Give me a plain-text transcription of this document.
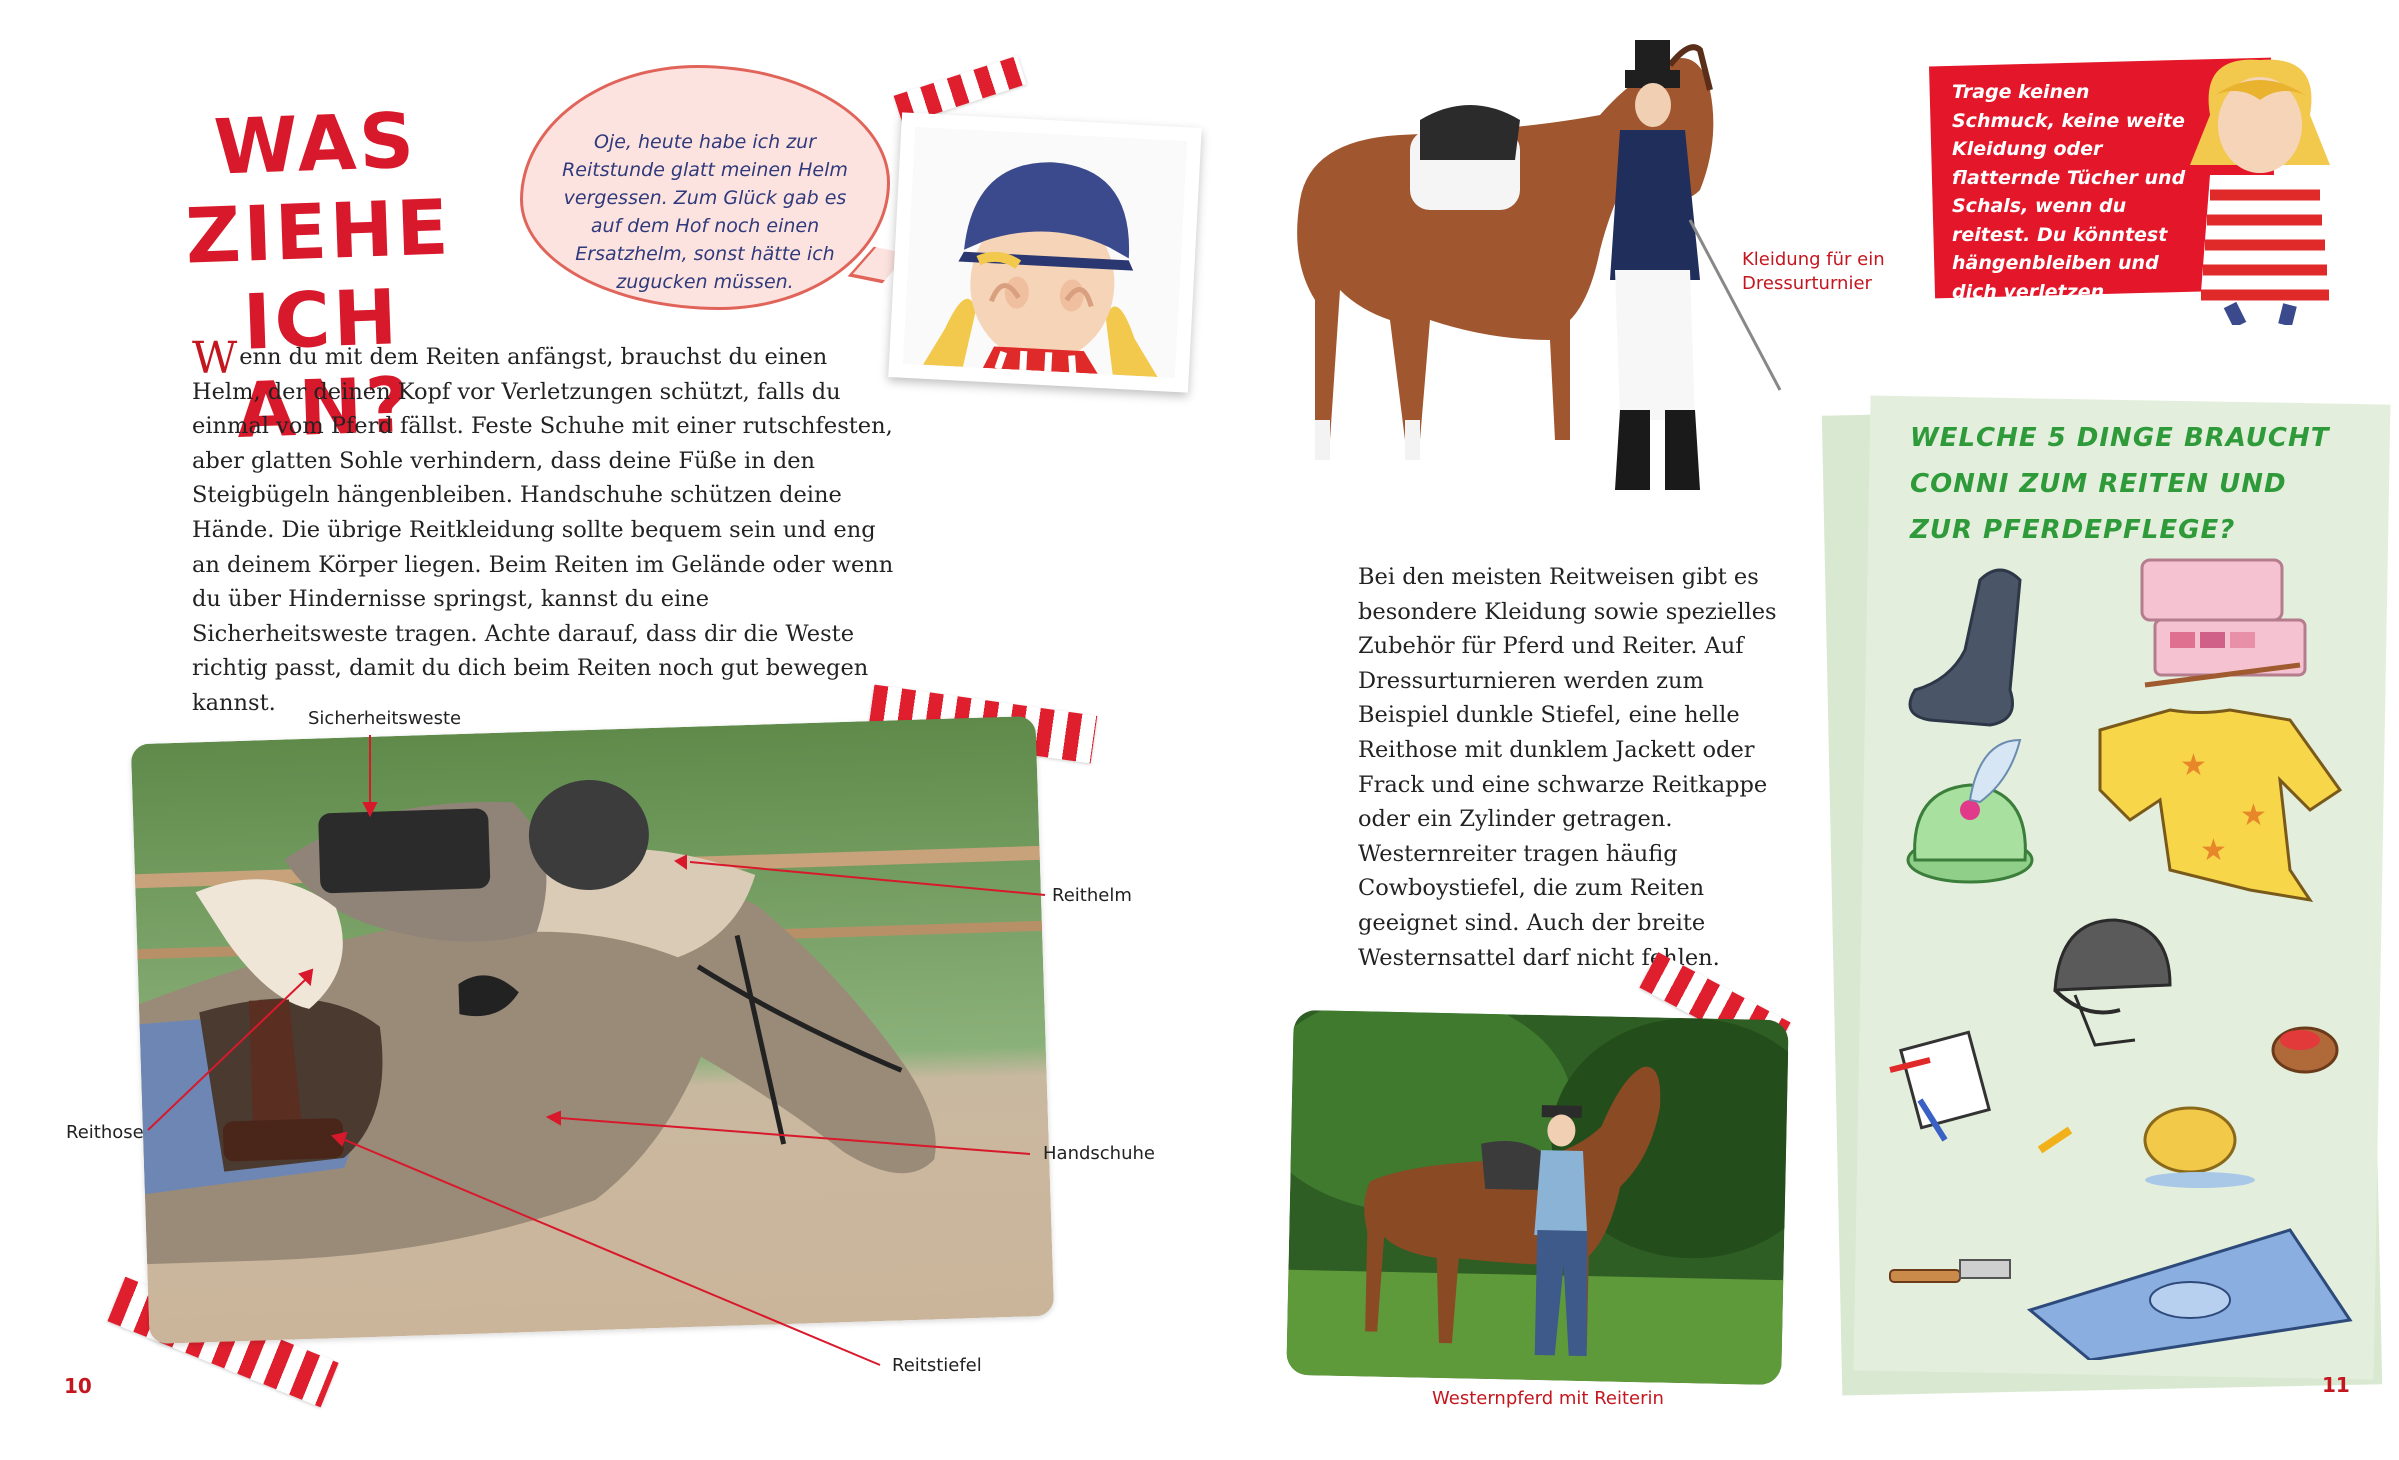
WAS ZIEHE
ICH AN?
Oje, heute habe ich zur Reitstunde glatt meinen Helm vergessen. Zum Glück gab es auf dem Hof noch einen Ersatzhelm, sonst hätte ich zugucken müssen.
Wenn du mit dem Reiten anfängst, brauchst du einen Helm, der deinen Kopf vor Verletzungen schützt, falls du einmal vom Pferd fällst. Feste Schuhe mit einer rutschfesten, aber glatten Sohle verhindern, dass deine Füße in den Steigbügeln hängenbleiben. Handschuhe schützen deine Hände. Die übrige Reitkleidung sollte bequem sein und eng an deinem Körper liegen. Beim Reiten im Gelände oder wenn du über Hindernisse springst, kannst du eine Sicherheitsweste tragen. Achte darauf, dass dir die Weste richtig passt, damit du dich beim Reiten noch gut bewegen kannst.
Sicherheitsweste
Reithelm
Reithose
Handschuhe
Reitstiefel
10
Kleidung für ein Dressurturnier
Trage keinen Schmuck, keine weite Kleidung oder flatternde Tücher und Schals, wenn du reitest. Du könntest hängenbleiben und dich verletzen.
Bei den meisten Reitweisen gibt es besondere Kleidung sowie spezielles Zubehör für Pferd und Reiter. Auf Dressurturnieren werden zum Beispiel dunkle Stiefel, eine helle Reithose mit dunklem Jackett oder Frack und eine schwarze Reitkappe oder ein Zylinder getragen. Westernreiter tragen häufig Cowboystiefel, die zum Reiten geeignet sind. Auch der breite Westernsattel darf nicht fehlen.
Westernpferd mit Reiterin
WELCHE 5 DINGE BRAUCHT CONNI ZUM REITEN UND ZUR PFERDEPFLEGE?
★
★
★
11
